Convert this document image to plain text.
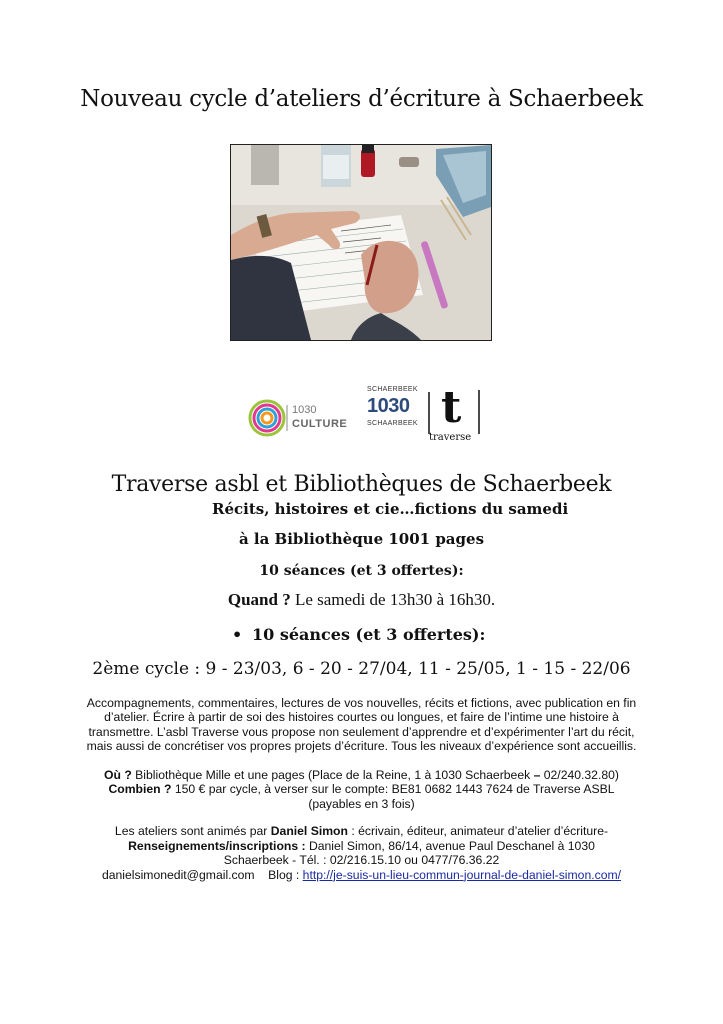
Nouveau cycle d’ateliers d’écriture à Schaerbeek
1030
CULTURE
SCHAERBEEK
1030
SCHAARBEEK t
traverse
Traverse asbl et Bibliothèques de Schaerbeek
Récits, histoires et cie…fictions du samedi
à la Bibliothèque 1001 pages
10 séances (et 3 offertes):
Quand ? Le samedi de 13h30 à 16h30.
• 10 séances (et 3 offertes):
2ème cycle : 9 - 23/03, 6 - 20 - 27/04, 11 - 25/05, 1 - 15 - 22/06
Accompagnements, commentaires, lectures de vos nouvelles, récits et fictions, avec publication en fin
d’atelier. Écrire à partir de soi des histoires courtes ou longues, et faire de l’intime une histoire à
transmettre. L’asbl Traverse vous propose non seulement d’apprendre et d’expérimenter l’art du récit,
mais aussi de concrétiser vos propres projets d’écriture. Tous les niveaux d’expérience sont accueillis.
Où ? Bibliothèque Mille et une pages (Place de la Reine, 1 à 1030 Schaerbeek – 02/240.32.80)
Combien ? 150 € par cycle, à verser sur le compte: BE81 0682 1443 7624 de Traverse ASBL
(payables en 3 fois)
Les ateliers sont animés par Daniel Simon : écrivain, éditeur, animateur d’atelier d’écriture-
Renseignements/inscriptions : Daniel Simon, 86/14, avenue Paul Deschanel à 1030
Schaerbeek - Tél. : 02/216.15.10 ou 0477/76.36.22
danielsimonedit@gmail.com    Blog : http://je-suis-un-lieu-commun-journal-de-daniel-simon.com/
